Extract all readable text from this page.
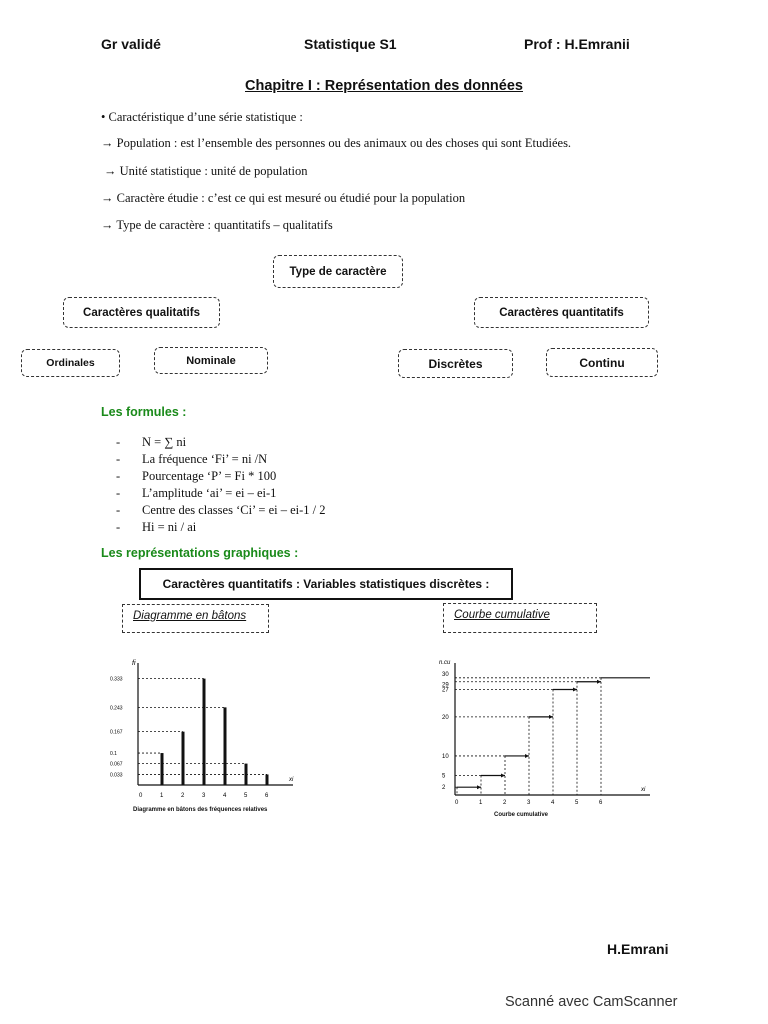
Gr validé	Statistique S1	Prof : H.Emranii
Chapitre I : Représentation des données
• Caractéristique d’une série statistique :
→ Population : est l’ensemble des personnes ou des animaux ou des choses qui sont Etudiées.
→ Unité statistique : unité de population
→ Caractère étudie : c’est ce qui est mesuré ou étudié pour la population
→ Type de caractère : quantitatifs – qualitatifs
Type de caractère
Caractères qualitatifs	Caractères quantitatifs
Ordinales	Nominale	Discrètes	Continu
Les formules :
- N = ∑ ni
- La fréquence ‘Fi’ = ni /N
- Pourcentage ‘P’ = Fi * 100
- L’amplitude ‘ai’ = ei – ei-1
- Centre des classes ‘Ci’ = ei – ei-1 / 2
- Hi = ni / ai
Les représentations graphiques :
Caractères quantitatifs : Variables statistiques discrètes :
Diagramme en bâtons	Courbe cumulative
fi
xi
0	1	2	3	4	5	6
0.333
0.243
0.167
0.1
0.067
0.033
Diagramme en bâtons des fréquences relatives
n.cu
xi
0	1	2	3	4	5	6
2
5
10
20
27
29
30
Courbe cumulative
H.Emrani
Scanné avec CamScanner
